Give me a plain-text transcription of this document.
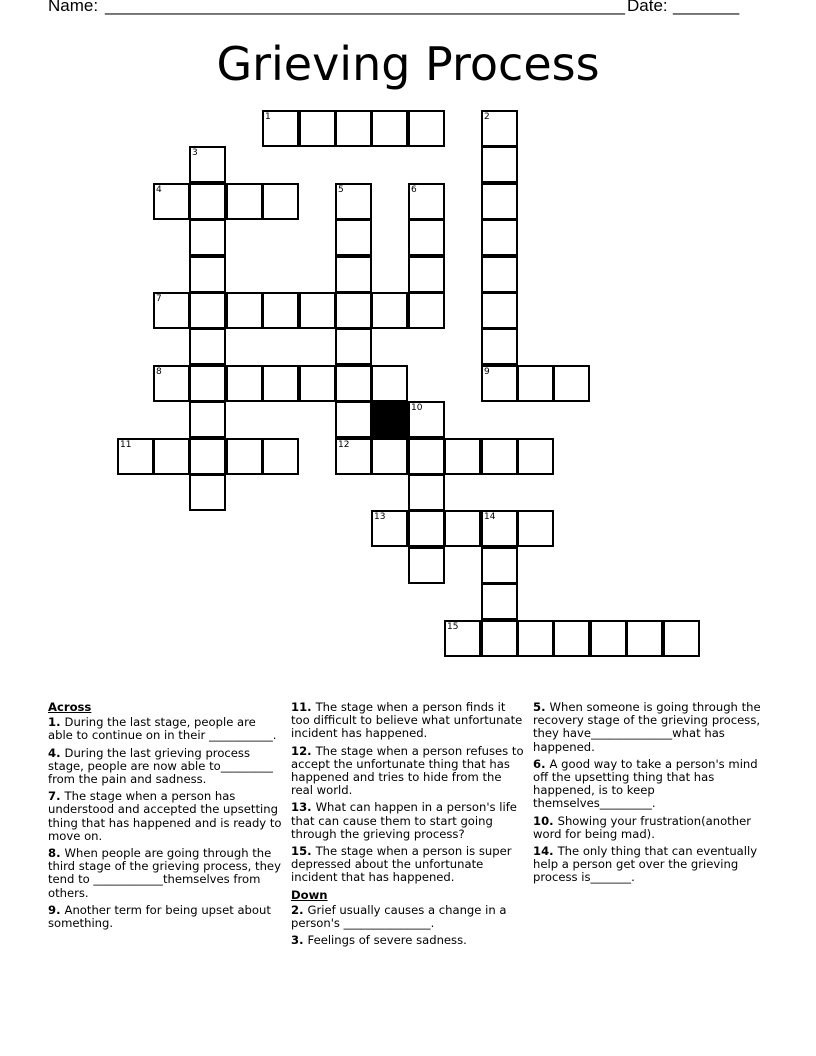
Name: _______________________________________________________ Date: _______
Grieving Process
1	2
3
4	5	6
7
8	9
10
11	12
13	14
15
Across
1 . During the last stage, people are able to continue on in their ___________.
4 . During the last grieving process stage, people are now able to_________ from the pain and sadness.
7 . The stage when a person has understood and accepted the upsetting thing that has happened and is ready to move on.
8 . When people are going through the third stage of the grieving process, they tend to ____________themselves from others.
9 . Another term for being upset about something.
11 . The stage when a person finds it too difficult to believe what unfortunate incident has happened.
12 . The stage when a person refuses to accept the unfortunate thing that has happened and tries to hide from the real world.
13 . What can happen in a person's life that can cause them to start going through the grieving process?
15 . The stage when a person is super depressed about the unfortunate incident that has happened.
Down
2 . Grief usually causes a change in a person's _______________.
3 . Feelings of severe sadness.
5 . When someone is going through the recovery stage of the grieving process, they have______________what has happened.
6 . A good way to take a person's mind off the upsetting thing that has happened, is to keep themselves_________.
10 . Showing your frustration(another word for being mad).
14 . The only thing that can eventually help a person get over the grieving process is_______.
